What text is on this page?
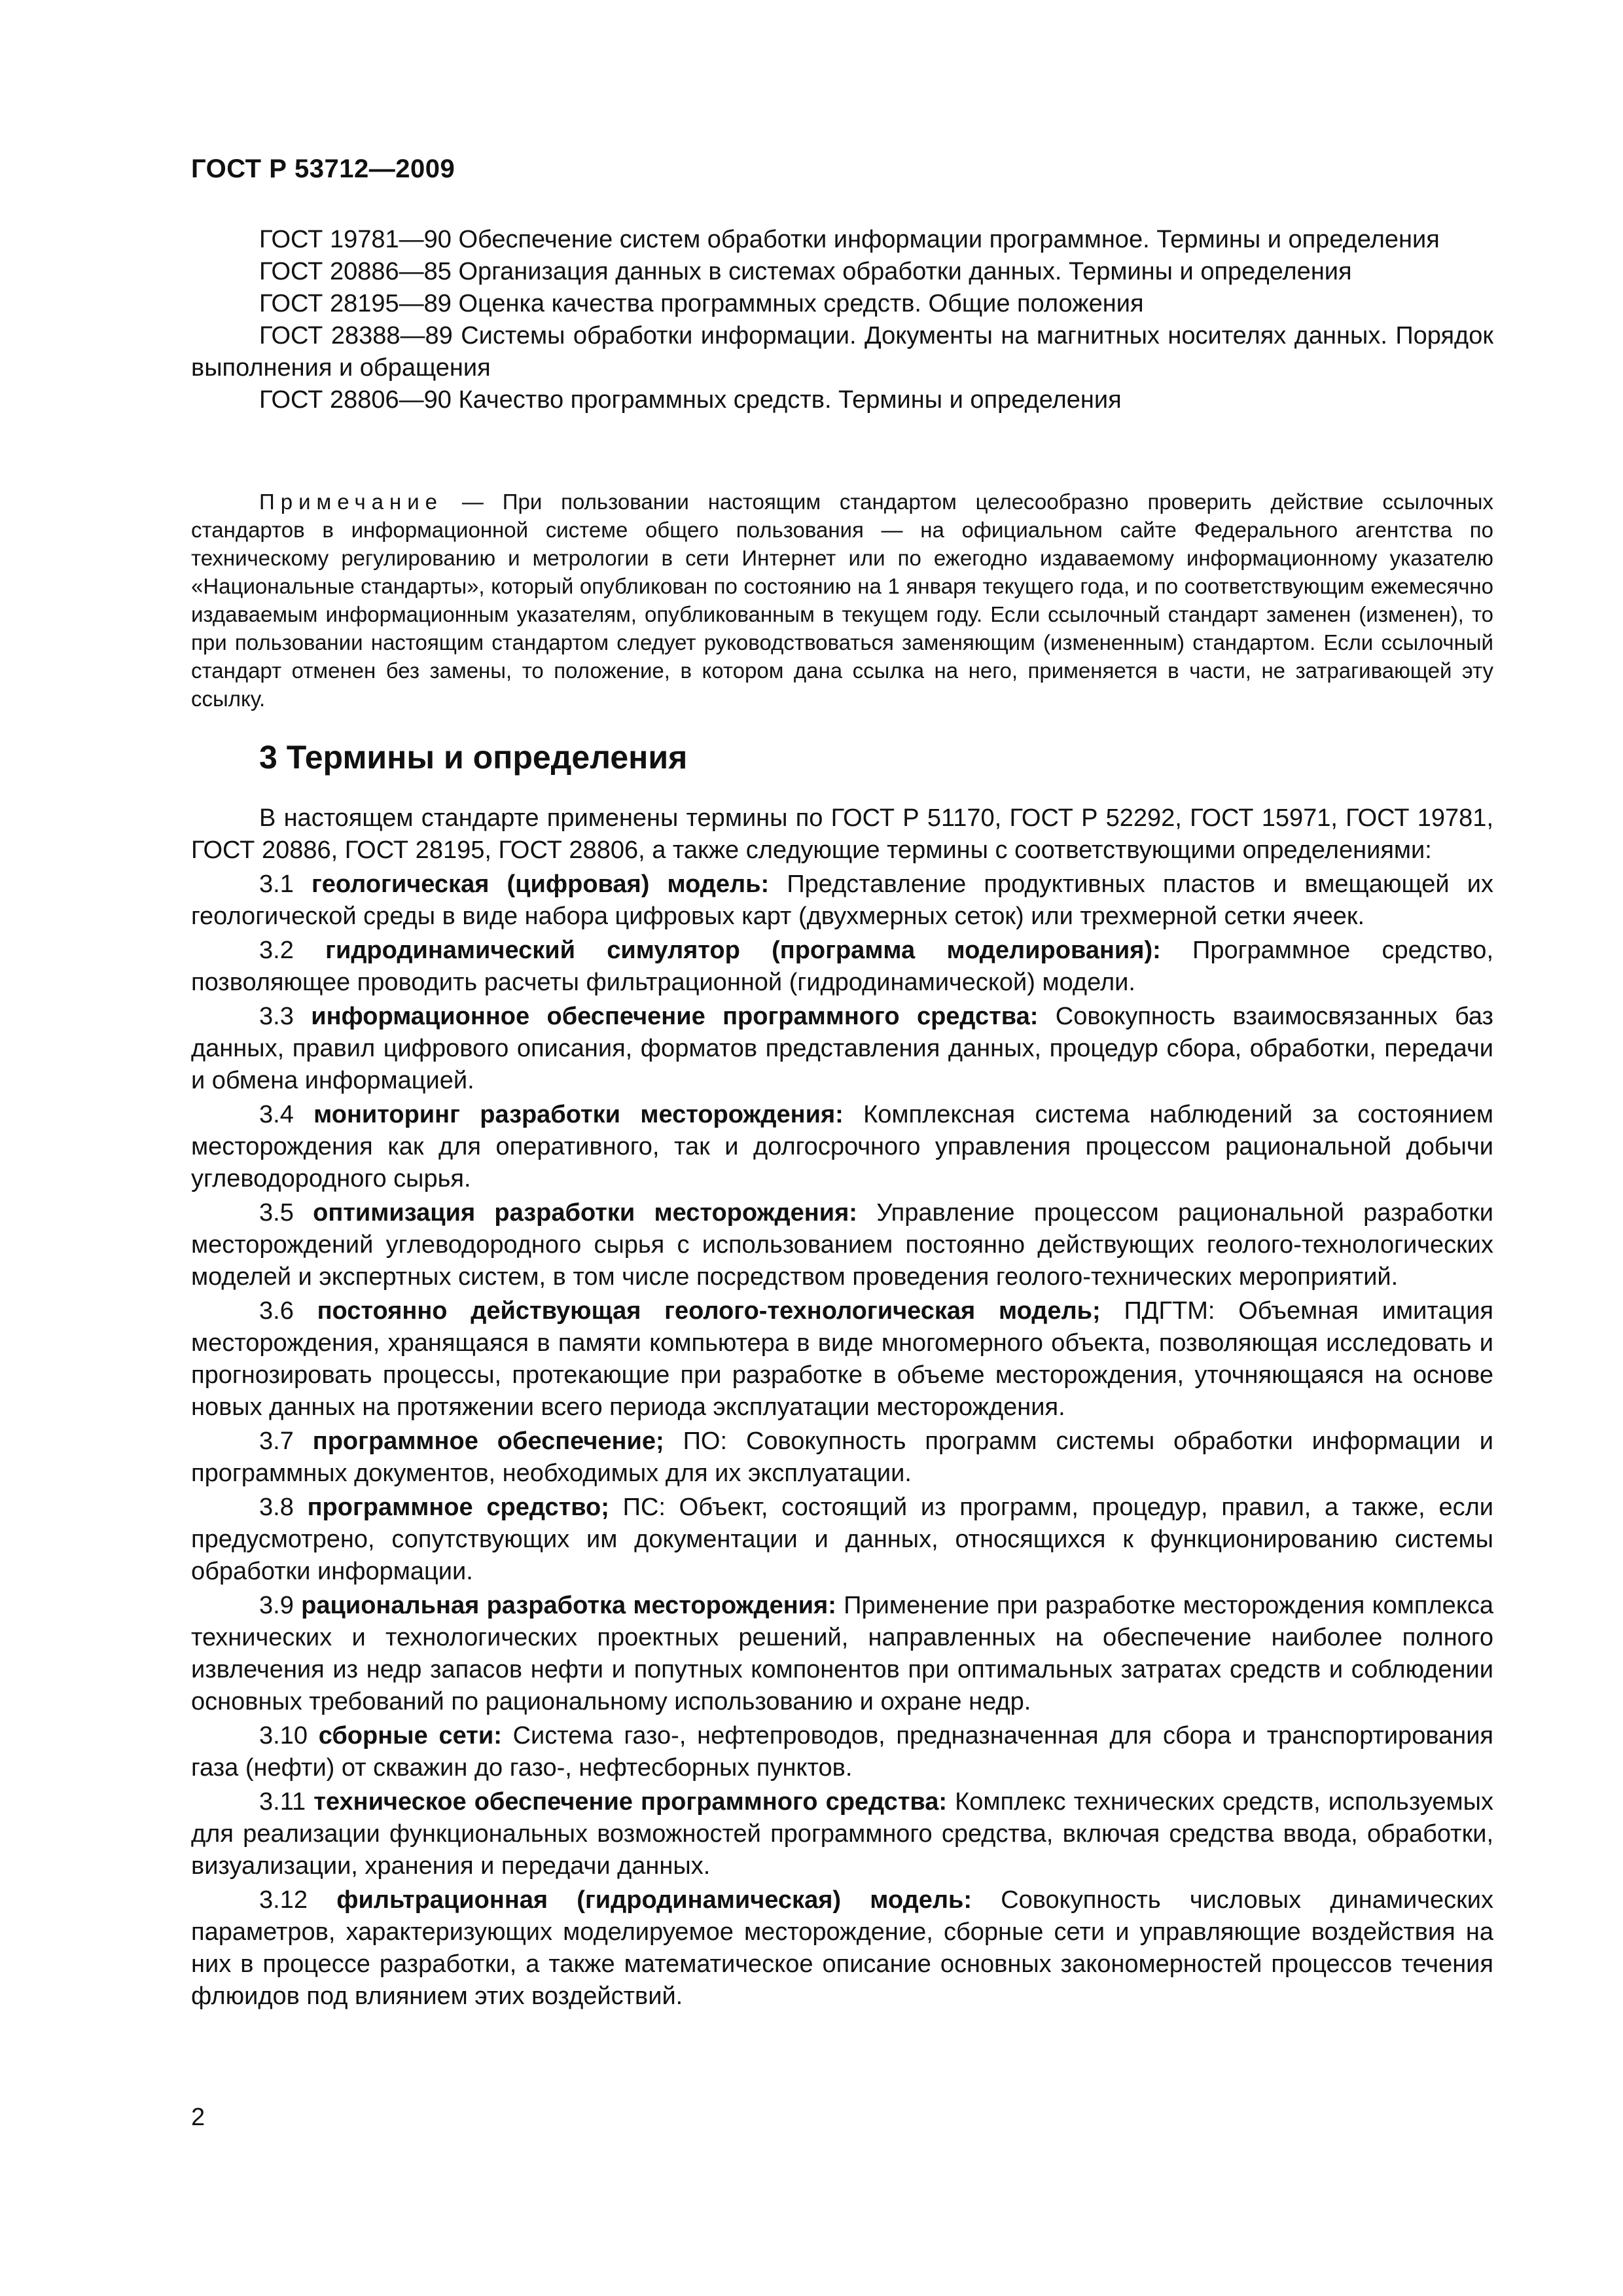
ГОСТ Р 53712—2009

ГОСТ 19781—90 Обеспечение систем обработки информации программное. Термины и определения

ГОСТ 20886—85 Организация данных в системах обработки данных. Термины и определения

ГОСТ 28195—89 Оценка качества программных средств. Общие положения

ГОСТ 28388—89 Системы обработки информации. Документы на магнитных носителях данных. Порядок выполнения и обращения

ГОСТ 28806—90 Качество программных средств. Термины и определения

Примечание — При пользовании настоящим стандартом целесообразно проверить действие ссылочных стандартов в информационной системе общего пользования — на официальном сайте Федерального агентства по техническому регулированию и метрологии в сети Интернет или по ежегодно издаваемому информационному указателю «Национальные стандарты», который опубликован по состоянию на 1 января текущего года, и по соответствующим ежемесячно издаваемым информационным указателям, опубликованным в текущем году. Если ссылочный стандарт заменен (изменен), то при пользовании настоящим стандартом следует руководствоваться заменяющим (измененным) стандартом. Если ссылочный стандарт отменен без замены, то положение, в котором дана ссылка на него, применяется в части, не затрагивающей эту ссылку.

3 Термины и определения

В настоящем стандарте применены термины по ГОСТ Р 51170, ГОСТ Р 52292, ГОСТ 15971, ГОСТ 19781, ГОСТ 20886, ГОСТ 28195, ГОСТ 28806, а также следующие термины с соответствующими определениями:

3.1 геологическая (цифровая) модель: Представление продуктивных пластов и вмещающей их геологической среды в виде набора цифровых карт (двухмерных сеток) или трехмерной сетки ячеек.

3.2 гидродинамический симулятор (программа моделирования): Программное средство, позволяющее проводить расчеты фильтрационной (гидродинамической) модели.

3.3 информационное обеспечение программного средства: Совокупность взаимосвязанных баз данных, правил цифрового описания, форматов представления данных, процедур сбора, обработки, передачи и обмена информацией.

3.4 мониторинг разработки месторождения: Комплексная система наблюдений за состоянием месторождения как для оперативного, так и долгосрочного управления процессом рациональной добычи углеводородного сырья.

3.5 оптимизация разработки месторождения: Управление процессом рациональной разработки месторождений углеводородного сырья с использованием постоянно действующих геолого-технологических моделей и экспертных систем, в том числе посредством проведения геолого-технических мероприятий.

3.6 постоянно действующая геолого-технологическая модель; ПДГТМ: Объемная имитация месторождения, хранящаяся в памяти компьютера в виде многомерного объекта, позволяющая исследовать и прогнозировать процессы, протекающие при разработке в объеме месторождения, уточняющаяся на основе новых данных на протяжении всего периода эксплуатации месторождения.

3.7 программное обеспечение; ПО: Совокупность программ системы обработки информации и программных документов, необходимых для их эксплуатации.

3.8 программное средство; ПС: Объект, состоящий из программ, процедур, правил, а также, если предусмотрено, сопутствующих им документации и данных, относящихся к функционированию системы обработки информации.

3.9 рациональная разработка месторождения: Применение при разработке месторождения комплекса технических и технологических проектных решений, направленных на обеспечение наиболее полного извлечения из недр запасов нефти и попутных компонентов при оптимальных затратах средств и соблюдении основных требований по рациональному использованию и охране недр.

3.10 сборные сети: Система газо-, нефтепроводов, предназначенная для сбора и транспортирования газа (нефти) от скважин до газо-, нефтесборных пунктов.

3.11 техническое обеспечение программного средства: Комплекс технических средств, используемых для реализации функциональных возможностей программного средства, включая средства ввода, обработки, визуализации, хранения и передачи данных.

3.12 фильтрационная (гидродинамическая) модель: Совокупность числовых динамических параметров, характеризующих моделируемое месторождение, сборные сети и управляющие воздействия на них в процессе разработки, а также математическое описание основных закономерностей процессов течения флюидов под влиянием этих воздействий.

2
